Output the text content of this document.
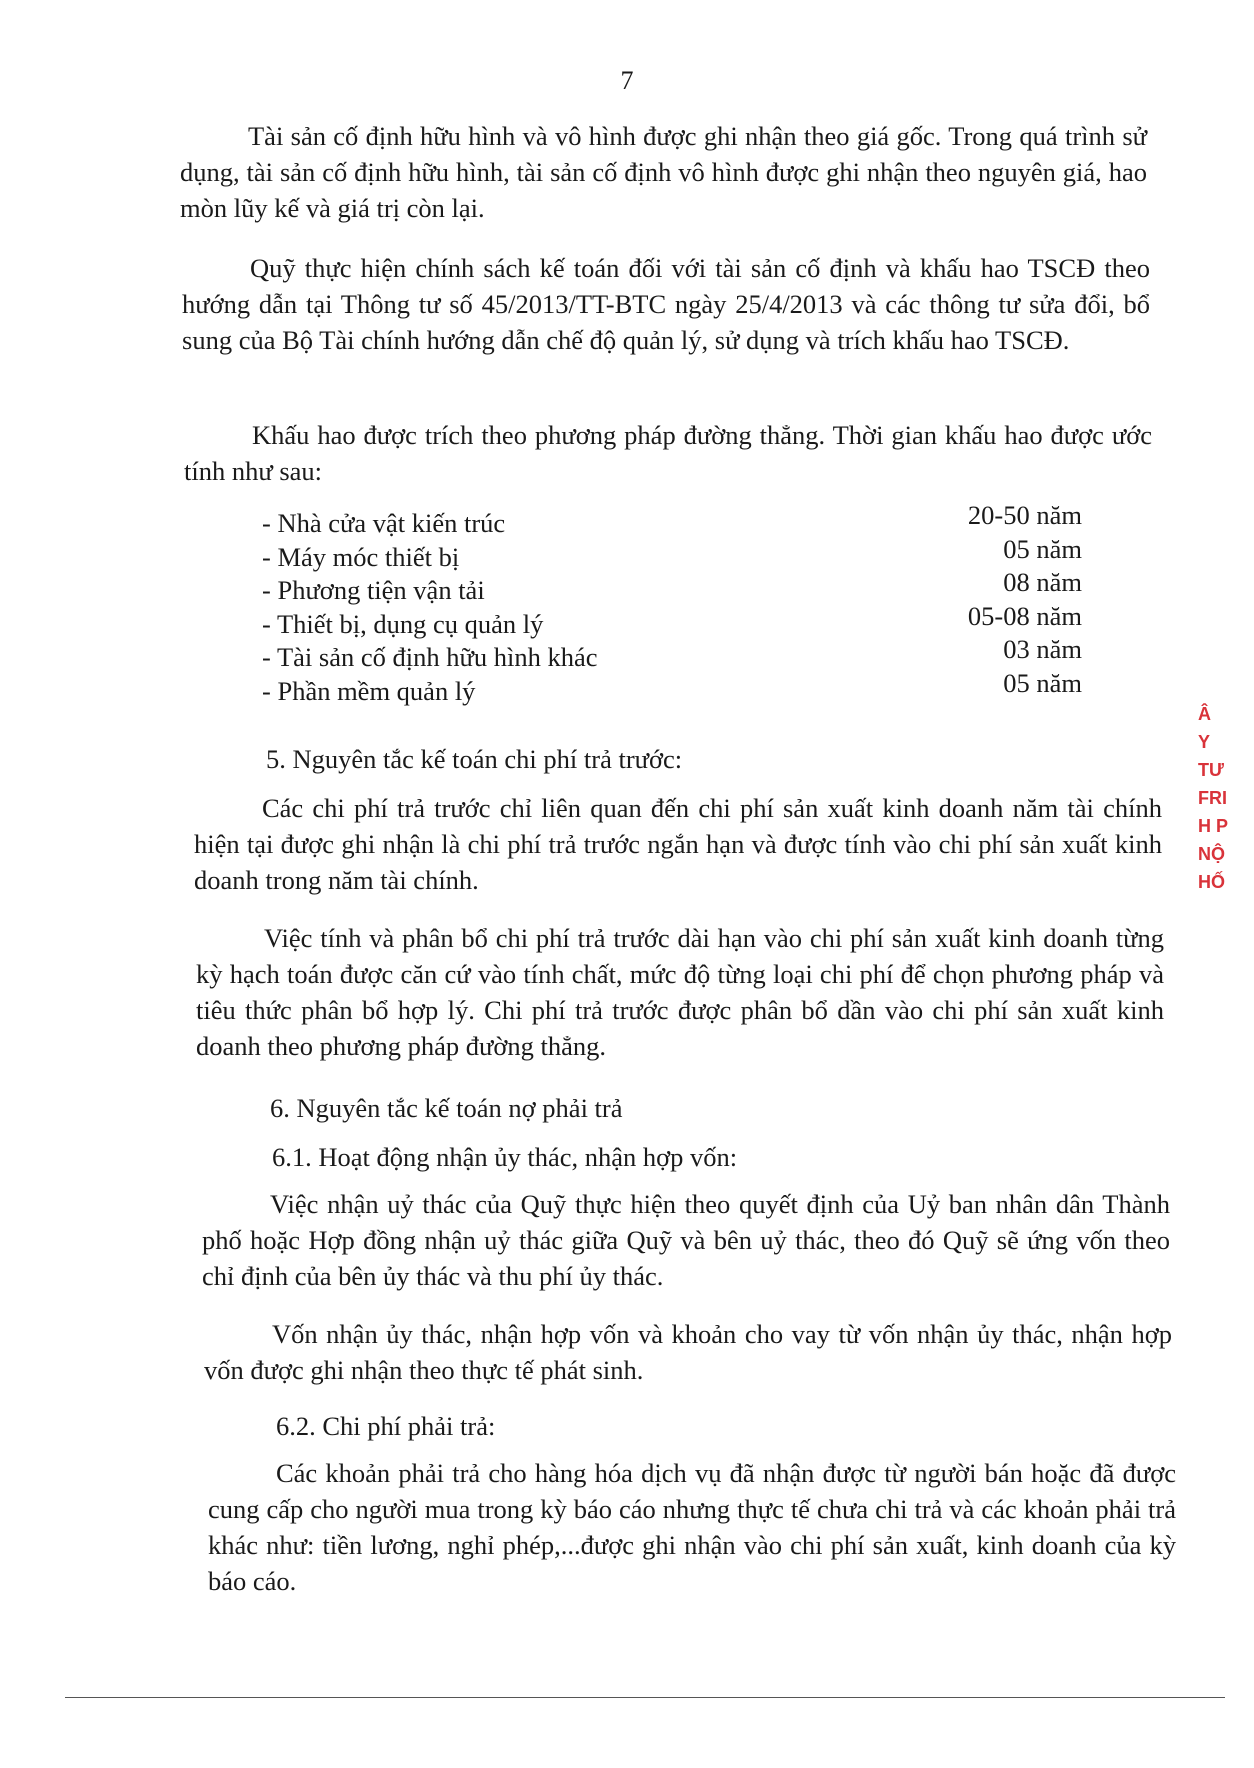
7

Tài sản cố định hữu hình và vô hình được ghi nhận theo giá gốc. Trong quá trình sử dụng, tài sản cố định hữu hình, tài sản cố định vô hình được ghi nhận theo nguyên giá, hao mòn lũy kế và giá trị còn lại.

Quỹ thực hiện chính sách kế toán đối với tài sản cố định và khấu hao TSCĐ theo hướng dẫn tại Thông tư số 45/2013/TT-BTC ngày 25/4/2013 và các thông tư sửa đổi, bổ sung của Bộ Tài chính hướng dẫn chế độ quản lý, sử dụng và trích khấu hao TSCĐ.

Khấu hao được trích theo phương pháp đường thẳng. Thời gian khấu hao được ước tính như sau:

- Nhà cửa vật kiến trúc	20-50 năm
- Máy móc thiết bị	05 năm
- Phương tiện vận tải	08 năm
- Thiết bị, dụng cụ quản lý	05-08 năm
- Tài sản cố định hữu hình khác	03 năm
- Phần mềm quản lý	05 năm

5. Nguyên tắc kế toán chi phí trả trước:

Các chi phí trả trước chỉ liên quan đến chi phí sản xuất kinh doanh năm tài chính hiện tại được ghi nhận là chi phí trả trước ngắn hạn và được tính vào chi phí sản xuất kinh doanh trong năm tài chính.

Việc tính và phân bổ chi phí trả trước dài hạn vào chi phí sản xuất kinh doanh từng kỳ hạch toán được căn cứ vào tính chất, mức độ từng loại chi phí để chọn phương pháp và tiêu thức phân bổ hợp lý. Chi phí trả trước được phân bổ dần vào chi phí sản xuất kinh doanh theo phương pháp đường thẳng.

6. Nguyên tắc kế toán nợ phải trả

6.1. Hoạt động nhận ủy thác, nhận hợp vốn:

Việc nhận uỷ thác của Quỹ thực hiện theo quyết định của Uỷ ban nhân dân Thành phố hoặc Hợp đồng nhận uỷ thác giữa Quỹ và bên uỷ thác, theo đó Quỹ sẽ ứng vốn theo chỉ định của bên ủy thác và thu phí ủy thác.

Vốn nhận ủy thác, nhận hợp vốn và khoản cho vay từ vốn nhận ủy thác, nhận hợp vốn được ghi nhận theo thực tế phát sinh.

6.2. Chi phí phải trả:

Các khoản phải trả cho hàng hóa dịch vụ đã nhận được từ người bán hoặc đã được cung cấp cho người mua trong kỳ báo cáo nhưng thực tế chưa chi trả và các khoản phải trả khác như: tiền lương, nghỉ phép,...được ghi nhận vào chi phí sản xuất, kinh doanh của kỳ báo cáo.

Â
Y
TƯ
FRI
H P
NỘ
HỐ
